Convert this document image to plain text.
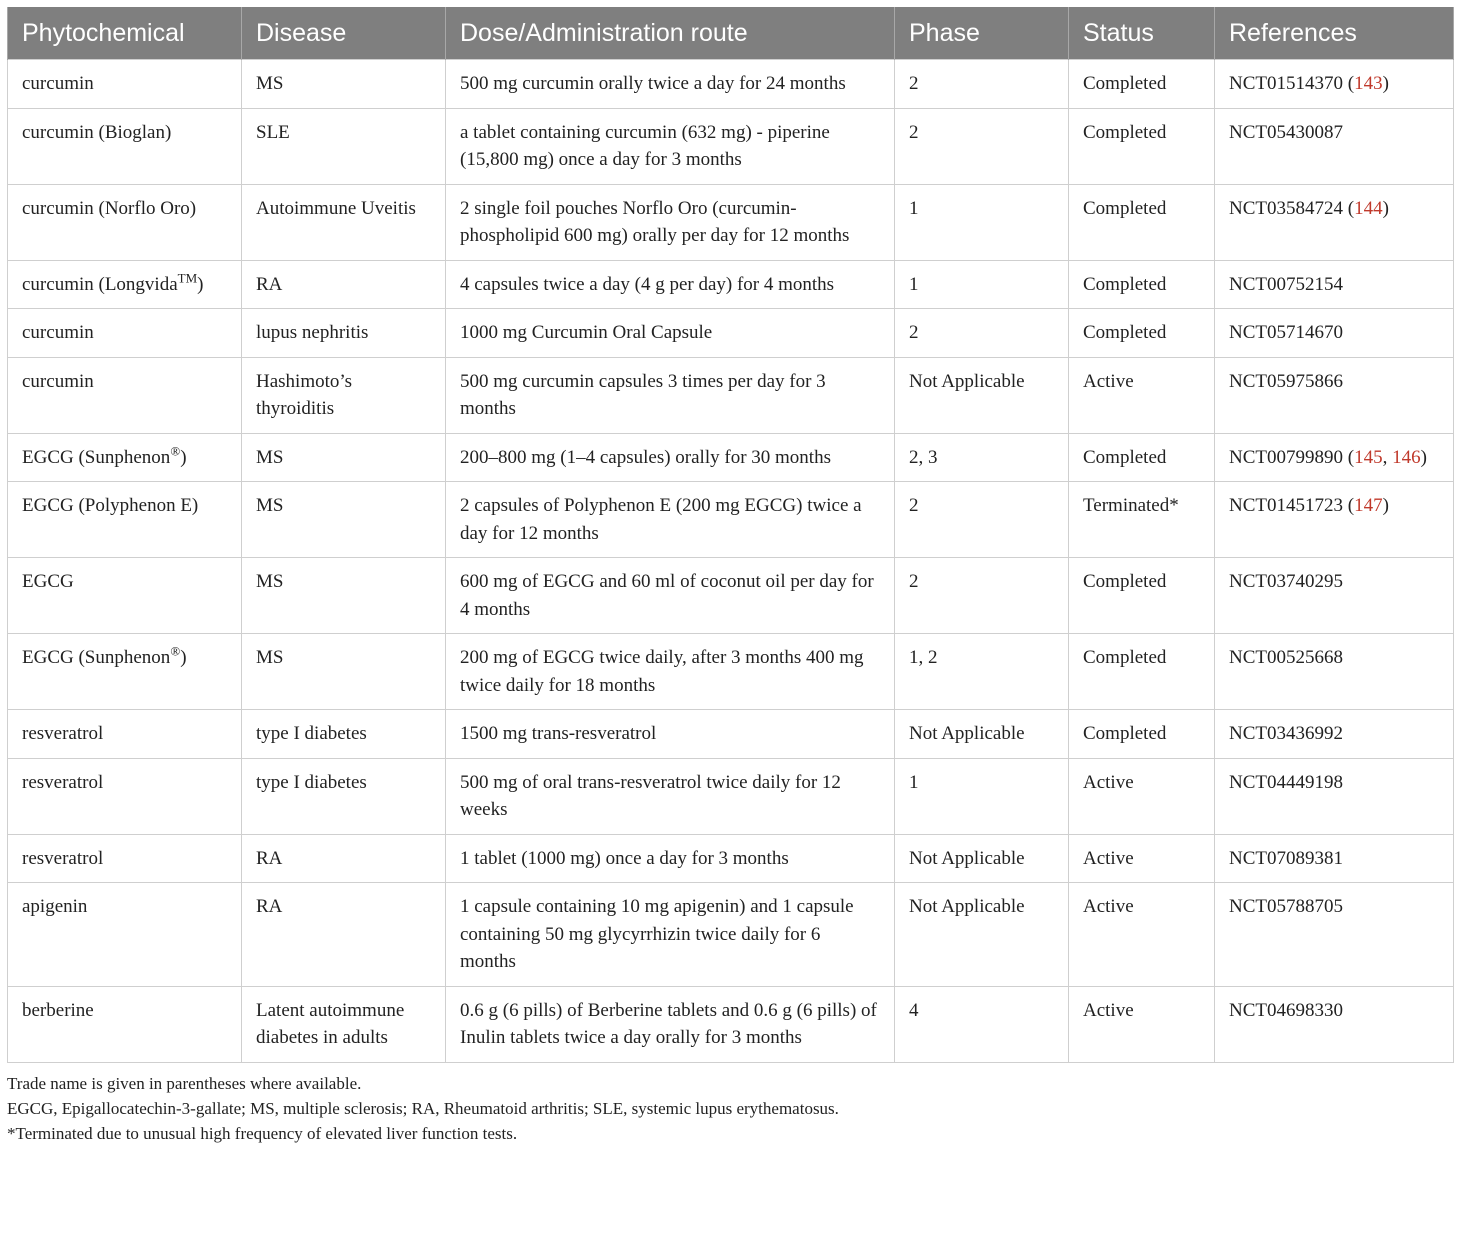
Phytochemical	Disease	Dose/Administration route	Phase	Status	References
curcumin	MS	500 mg curcumin orally twice a day for 24 months	2	Completed	NCT01514370 (143)
curcumin (Bioglan)	SLE	a tablet containing curcumin (632 mg) - piperine (15,800 mg) once a day for 3 months	2	Completed	NCT05430087
curcumin (Norflo Oro)	Autoimmune Uveitis	2 single foil pouches Norflo Oro (curcumin-phospholipid 600 mg) orally per day for 12 months	1	Completed	NCT03584724 (144)
curcumin (Longvida™)	RA	4 capsules twice a day (4 g per day) for 4 months	1	Completed	NCT00752154
curcumin	lupus nephritis	1000 mg Curcumin Oral Capsule	2	Completed	NCT05714670
curcumin	Hashimoto’s thyroiditis	500 mg curcumin capsules 3 times per day for 3 months	Not Applicable	Active	NCT05975866
EGCG (Sunphenon®)	MS	200–800 mg (1–4 capsules) orally for 30 months	2, 3	Completed	NCT00799890 (145, 146)
EGCG (Polyphenon E)	MS	2 capsules of Polyphenon E (200 mg EGCG) twice a day for 12 months	2	Terminated*	NCT01451723 (147)
EGCG	MS	600 mg of EGCG and 60 ml of coconut oil per day for 4 months	2	Completed	NCT03740295
EGCG (Sunphenon®)	MS	200 mg of EGCG twice daily, after 3 months 400 mg twice daily for 18 months	1, 2	Completed	NCT00525668
resveratrol	type I diabetes	1500 mg trans-resveratrol	Not Applicable	Completed	NCT03436992
resveratrol	type I diabetes	500 mg of oral trans-resveratrol twice daily for 12 weeks	1	Active	NCT04449198
resveratrol	RA	1 tablet (1000 mg) once a day for 3 months	Not Applicable	Active	NCT07089381
apigenin	RA	1 capsule containing 10 mg apigenin) and 1 capsule containing 50 mg glycyrrhizin twice daily for 6 months	Not Applicable	Active	NCT05788705
berberine	Latent autoimmune diabetes in adults	0.6 g (6 pills) of Berberine tablets and 0.6 g (6 pills) of Inulin tablets twice a day orally for 3 months	4	Active	NCT04698330
Trade name is given in parentheses where available.
EGCG, Epigallocatechin-3-gallate; MS, multiple sclerosis; RA, Rheumatoid arthritis; SLE, systemic lupus erythematosus.
*Terminated due to unusual high frequency of elevated liver function tests.
